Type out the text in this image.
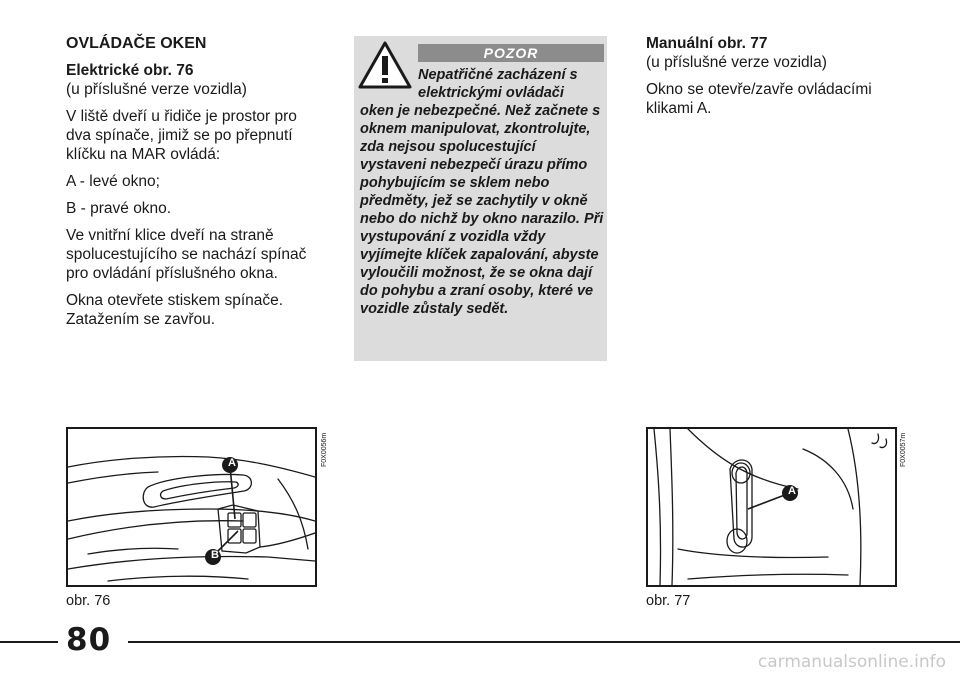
OVLÁDAČE OKEN

Elektrické obr. 76

(u příslušné verze vozidla)

V liště dveří u řidiče je prostor pro dva spínače, jimiž se po přepnutí klíčku na MAR ovládá:

A - levé okno;

B - pravé okno.

Ve vnitřní klice dveří na straně spolucestujícího se nachází spínač pro ovládání příslušného okna.

Okna otevřete stiskem spínače. Zatažením se zavřou.

POZOR
Nepatřičné zacházení s elektrickými ovládači
oken je nebezpečné. Než začnete s oknem manipulovat, zkontrolujte, zda nejsou spolucestující vystaveni nebezpečí úrazu přímo pohybujícím se sklem nebo předměty, jež se zachytily v okně nebo do nichž by okno narazilo. Při vystupování z vozidla vždy vyjímejte klíček zapalování, abyste vyloučili možnost, že se okna dají do pohybu a zraní osoby, které ve vozidle zůstaly sedět.
Manuální obr. 77

(u příslušné verze vozidla)

Okno se otevře/zavře ovládacími klikami A.

A
B
F0X0056m
obr. 76
A
F0X0057m
obr. 77
80
carmanualsonline.info
